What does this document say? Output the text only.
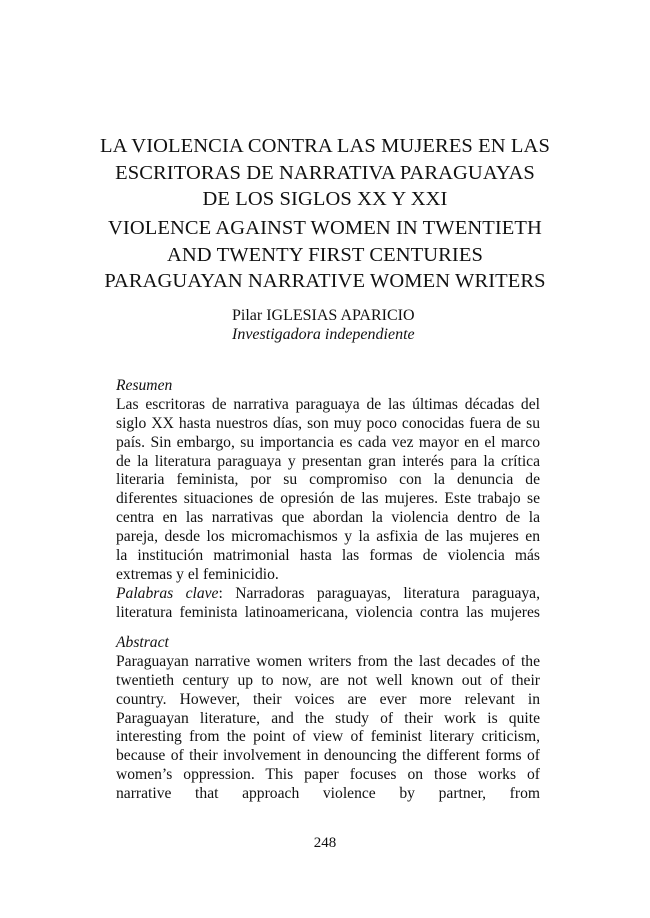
LA VIOLENCIA CONTRA LAS MUJERES EN LAS
ESCRITORAS DE NARRATIVA PARAGUAYAS
DE LOS SIGLOS XX Y XXI
VIOLENCE AGAINST WOMEN IN TWENTIETH
AND TWENTY FIRST CENTURIES
PARAGUAYAN NARRATIVE WOMEN WRITERS
Pilar IGLESIAS APARICIO
Investigadora independiente
Resumen
Las escritoras de narrativa paraguaya de las últimas décadas del
siglo XX hasta nuestros días, son muy poco conocidas fuera de su
país. Sin embargo, su importancia es cada vez mayor en el marco
de la literatura paraguaya y presentan gran interés para la crítica
literaria feminista, por su compromiso con la denuncia de
diferentes situaciones de opresión de las mujeres. Este trabajo se
centra en las narrativas que abordan la violencia dentro de la
pareja, desde los micromachismos y la asfixia de las mujeres en
la institución matrimonial hasta las formas de violencia más
extremas y el feminicidio.
Palabras clave: Narradoras paraguayas, literatura paraguaya,
literatura feminista latinoamericana, violencia contra las mujeres
Abstract
Paraguayan narrative women writers from the last decades of the
twentieth century up to now, are not well known out of their
country. However, their voices are ever more relevant in
Paraguayan literature, and the study of their work is quite
interesting from the point of view of feminist literary criticism,
because of their involvement in denouncing the different forms of
women’s oppression. This paper focuses on those works of
narrative that approach violence by partner, from
248
